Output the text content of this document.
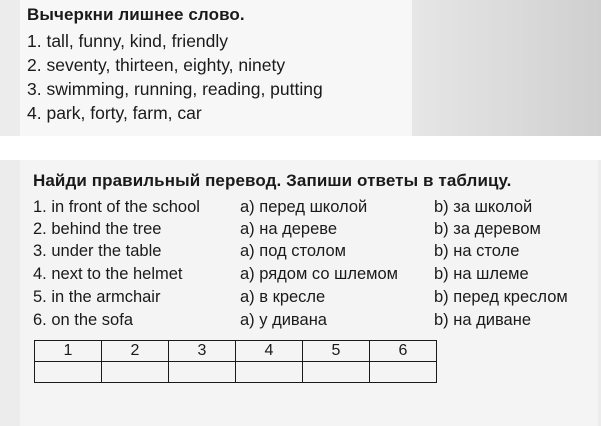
Вычеркни лишнее слово.
1. tall, funny, kind, friendly
2. seventy, thirteen, eighty, ninety
3. swimming, running, reading, putting
4. park, forty, farm, car
Найди правильный перевод. Запиши ответы в таблицу.
1. in front of the school a) перед школой	b) за школой
2. behind the tree	a) на дереве	b) за деревом
3. under the table	a) под столом	b) на столе
4. next to the helmet	a) рядом со шлемом b) на шлеме
5. in the armchair	a) в кресле	b) перед креслом
6. on the sofa	a) у дивана	b) на диване
1	2	3	4	5	6
